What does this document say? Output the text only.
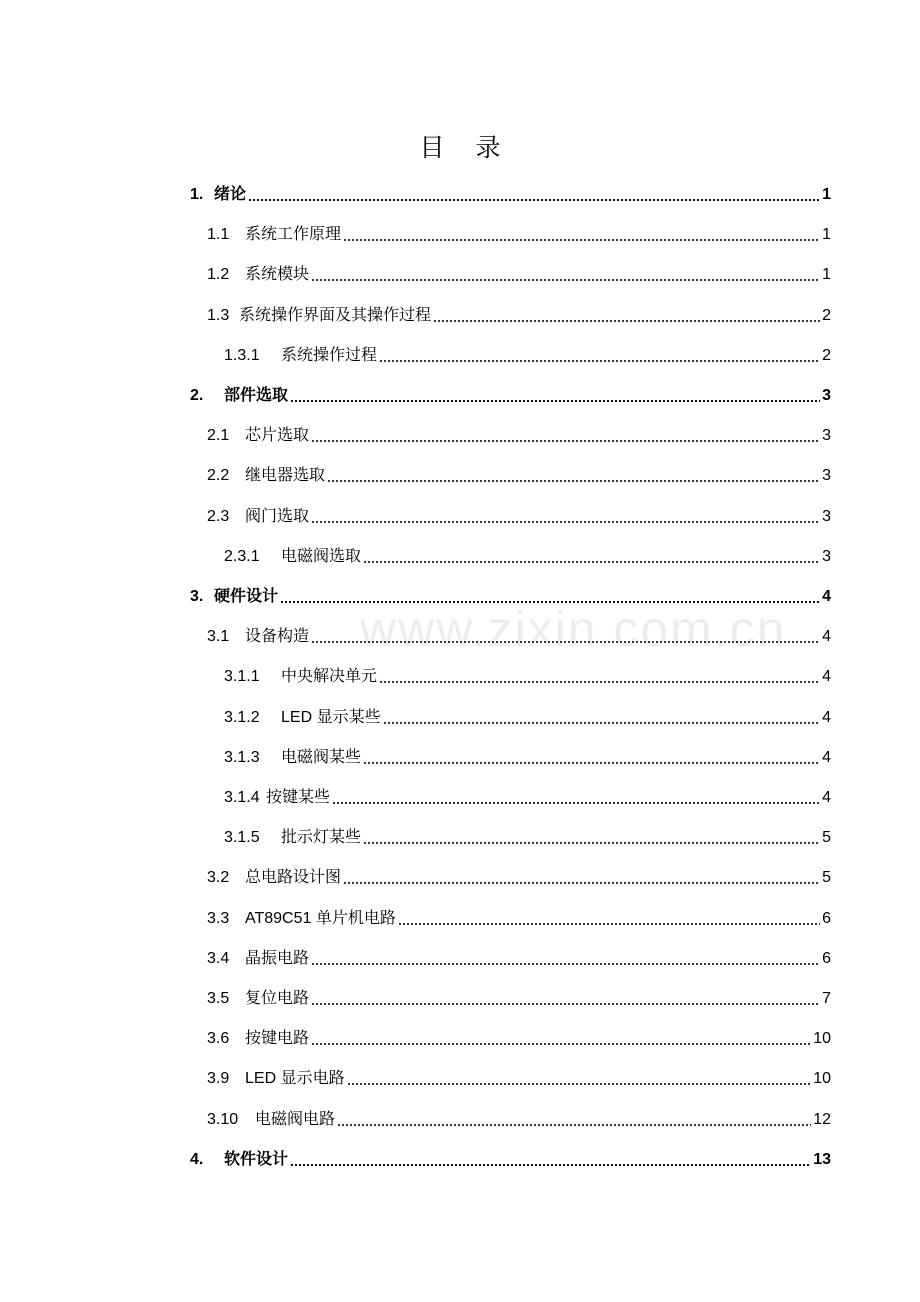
目 录
www.zixin.com.cn
1. 绪论	1
1.1 系统工作原理	1
1.2 系统模块	1
1.3 系统操作界面及其操作过程	2
1.3.1	系统操作过程	2
2.	部件选取	3
2.1 芯片选取	3
2.2 继电器选取	3
2.3 阀门选取	3
2.3.1	电磁阀选取	3
3. 硬件设计	4
3.1 设备构造	4
3.1.1	中央解决单元	4
3.1.2	LED 显示某些	4
3.1.3	电磁阀某些	4
3.1.4 按键某些	4
3.1.5	批示灯某些	5
3.2 总电路设计图	5
3.3 AT89C51 单片机电路	6
3.4 晶振电路	6
3.5 复位电路	7
3.6 按键电路	10
3.9 LED 显示电路	10
3.10	电磁阀电路	12
4.	软件设计	13
